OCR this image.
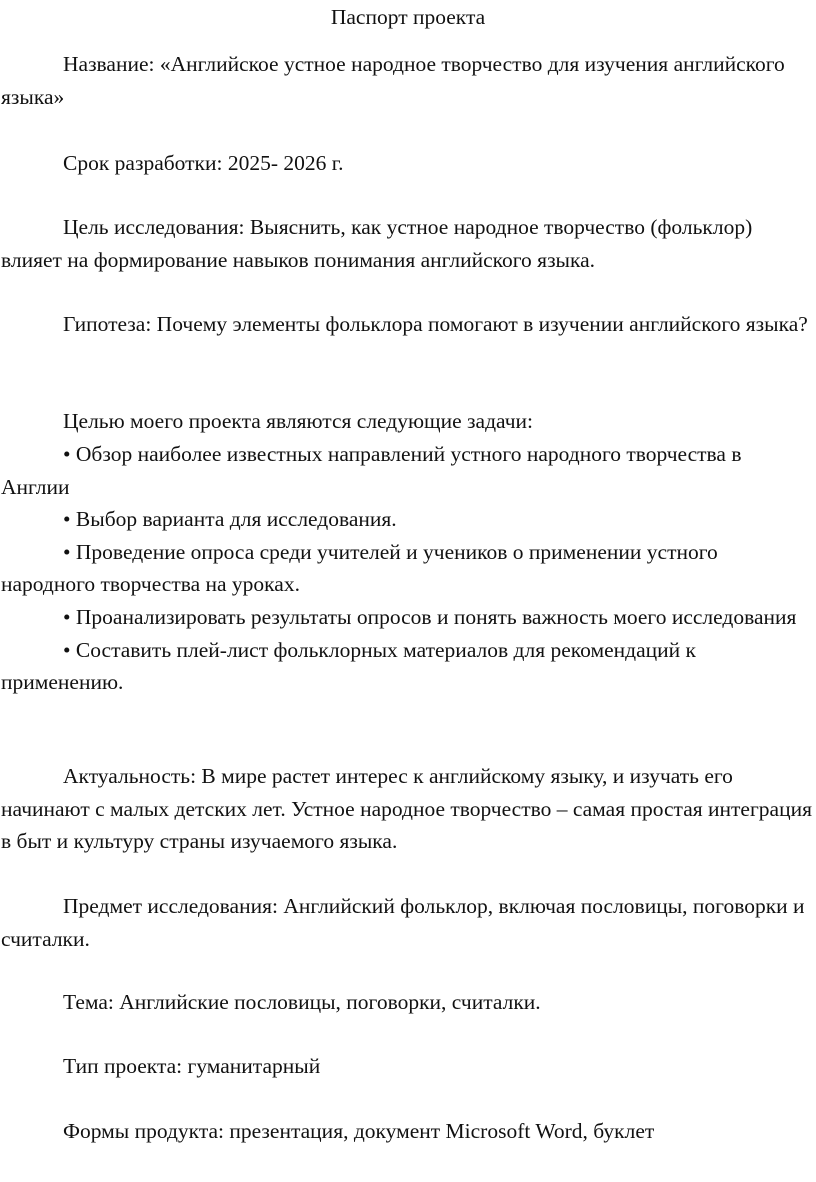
Паспорт проекта

Название: «Английское устное народное творчество для изучения английского языка»

Срок разработки: 2025- 2026 г.

Цель исследования: Выяснить, как устное народное творчество (фольклор) влияет на формирование навыков понимания английского языка.

Гипотеза: Почему элементы фольклора помогают в изучении английского языка?

Целью моего проекта являются следующие задачи:

• Обзор наиболее известных направлений устного народного творчества в Англии
• Выбор варианта для исследования.
• Проведение опроса среди учителей и учеников о применении устного народного творчества на уроках.
• Проанализировать результаты опросов и понять важность моего исследования
• Составить плей-лист фольклорных материалов для рекомендаций к применению.

Актуальность: В мире растет интерес к английскому языку, и изучать его начинают с малых детских лет. Устное народное творчество – самая простая интеграция в быт и культуру страны изучаемого языка.

Предмет исследования: Английский фольклор, включая пословицы, поговорки и считалки.

Тема: Английские пословицы, поговорки, считалки.

Тип проекта: гуманитарный

Формы продукта: презентация, документ Microsoft Word, буклет
